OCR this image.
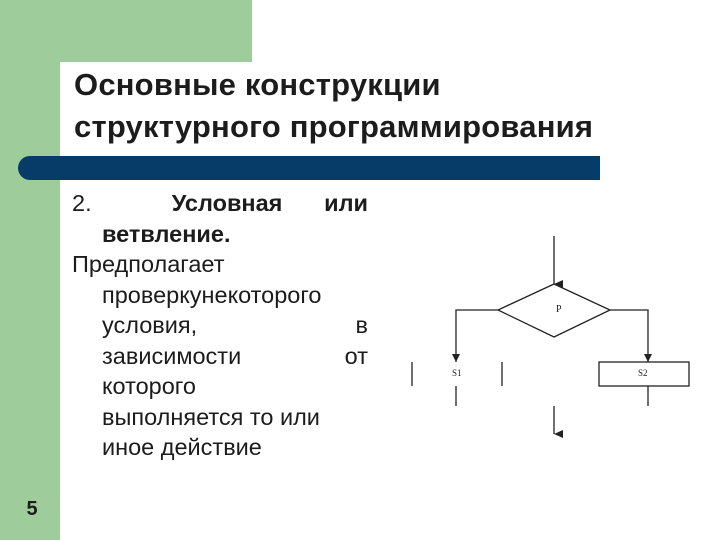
Основные конструкции
структурного программирования
2.	Условная или
ветвление.
Предполагает
проверкунекоторого
условия,	в
зависимости	от
которого
выполняется то или
иное действие
P
S1	S2
5
